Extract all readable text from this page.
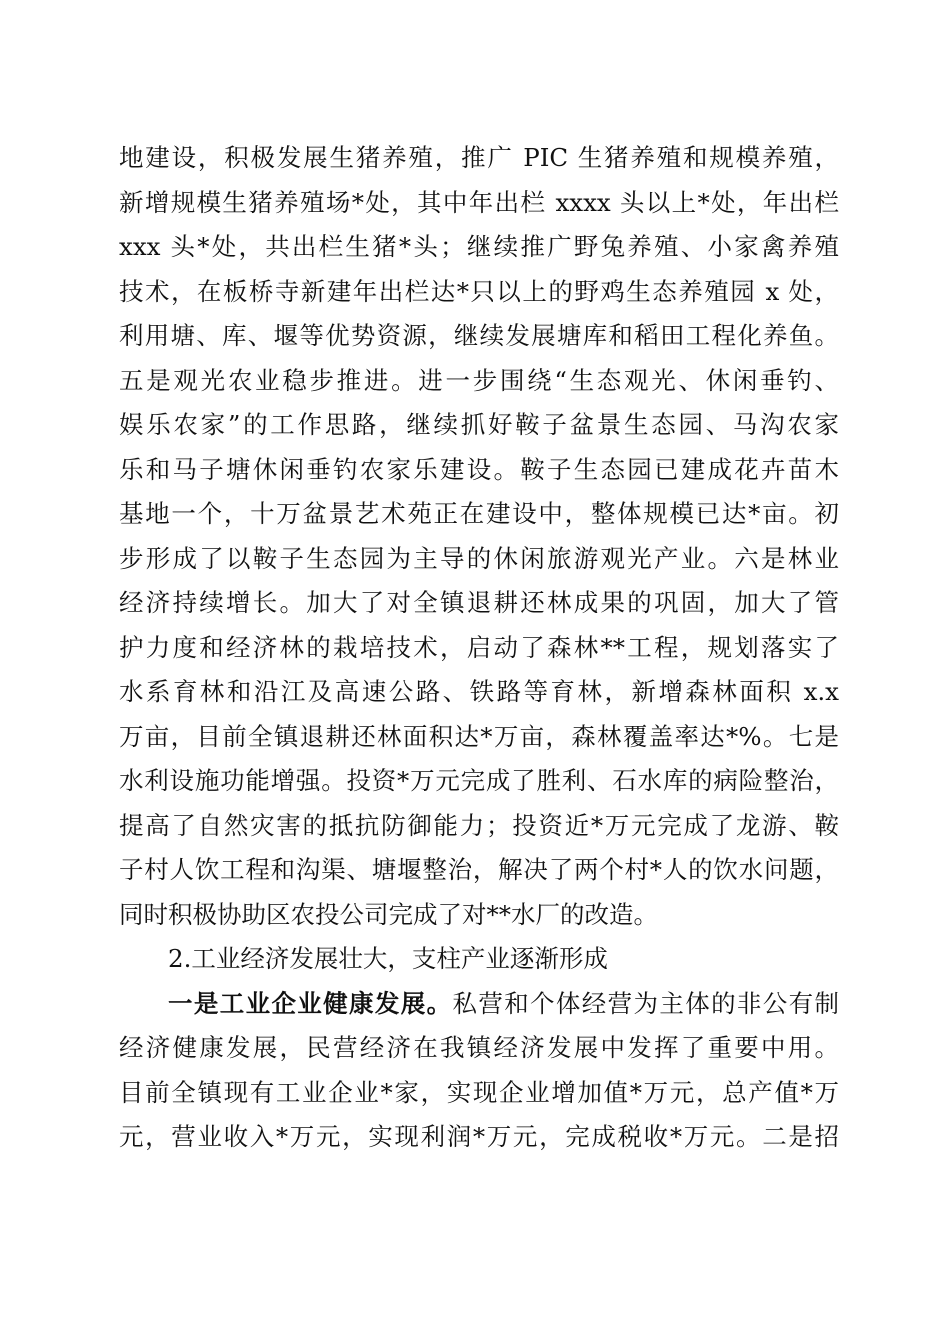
地建设，积极发展生猪养殖，推广 PIC 生猪养殖和规模养殖，
新增规模生猪养殖场*处，其中年出栏 xxxx 头以上*处，年出栏
xxx 头*处，共出栏生猪*头；继续推广野兔养殖、小家禽养殖
技术，在板桥寺新建年出栏达*只以上的野鸡生态养殖园 x 处，
利用塘、库、堰等优势资源，继续发展塘库和稻田工程化养鱼。
五是观光农业稳步推进。进一步围绕“生态观光、休闲垂钓、
娱乐农家”的工作思路，继续抓好鞍子盆景生态园、马沟农家
乐和马子塘休闲垂钓农家乐建设。鞍子生态园已建成花卉苗木
基地一个，十万盆景艺术苑正在建设中，整体规模已达*亩。初
步形成了以鞍子生态园为主导的休闲旅游观光产业。六是林业
经济持续增长。加大了对全镇退耕还林成果的巩固，加大了管
护力度和经济林的栽培技术，启动了森林**工程，规划落实了
水系育林和沿江及高速公路、铁路等育林，新增森林面积 x.x
万亩，目前全镇退耕还林面积达*万亩，森林覆盖率达*%。七是
水利设施功能增强。投资*万元完成了胜利、石水库的病险整治，
提高了自然灾害的抵抗防御能力；投资近*万元完成了龙游、鞍
子村人饮工程和沟渠、塘堰整治，解决了两个村*人的饮水问题，
同时积极协助区农投公司完成了对**水厂的改造。
2.工业经济发展壮大，支柱产业逐渐形成
一是工业企业健康发展。私营和个体经营为主体的非公有制
经济健康发展，民营经济在我镇经济发展中发挥了重要中用。
目前全镇现有工业企业*家，实现企业增加值*万元，总产值*万
元，营业收入*万元，实现利润*万元，完成税收*万元。二是招
